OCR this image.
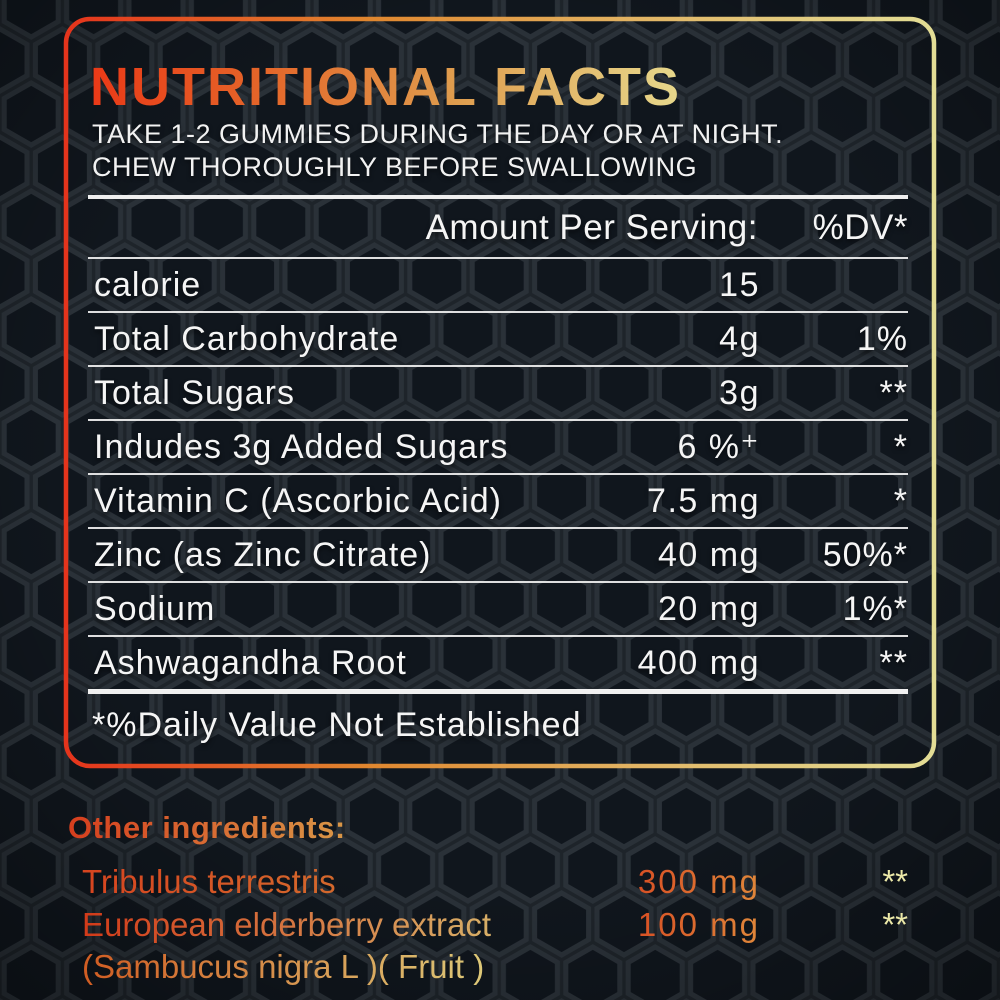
NUTRITIONAL FACTS
TAKE 1-2 GUMMIES DURING THE DAY OR AT NIGHT.
CHEW THOROUGHLY BEFORE SWALLOWING
Amount Per Serving:	%DV*
calorie	15
Total Carbohydrate	4g	1%
Total Sugars	3g	**
Indudes 3g Added Sugars	6 %⁺	*
Vitamin C (Ascorbic Acid)	7.5 mg	*
Zinc (as Zinc Citrate)	40 mg	50%*
Sodium	20 mg	1%*
Ashwagandha Root	400 mg	**
*%Daily Value Not Established
Other ingredients:
Tribulus terrestris	300 mg	**
European elderberry extract	100 mg	**
(Sambucus nigra L )( Fruit )
